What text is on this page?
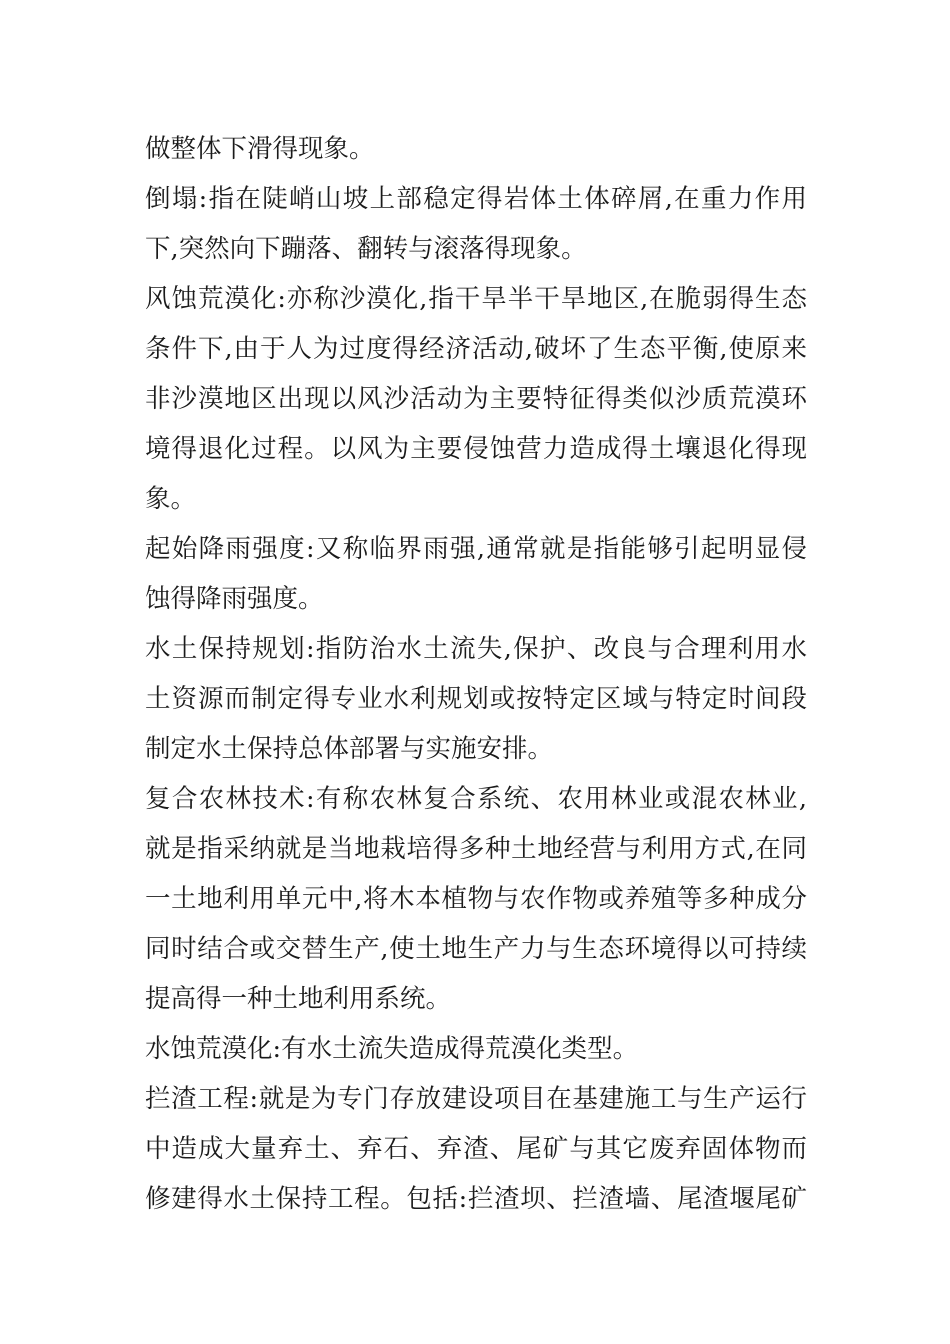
做整体下滑得现象。
倒塌:指在陡峭山坡上部稳定得岩体土体碎屑,在重力作用
下,突然向下蹦落、翻转与滚落得现象。
风蚀荒漠化:亦称沙漠化,指干旱半干旱地区,在脆弱得生态
条件下,由于人为过度得经济活动,破坏了生态平衡,使原来
非沙漠地区出现以风沙活动为主要特征得类似沙质荒漠环
境得退化过程。以风为主要侵蚀营力造成得土壤退化得现
象。
起始降雨强度:又称临界雨强,通常就是指能够引起明显侵
蚀得降雨强度。
水土保持规划:指防治水土流失,保护、改良与合理利用水
土资源而制定得专业水利规划或按特定区域与特定时间段
制定水土保持总体部署与实施安排。
复合农林技术:有称农林复合系统、农用林业或混农林业,
就是指采纳就是当地栽培得多种土地经营与利用方式,在同
一土地利用单元中,将木本植物与农作物或养殖等多种成分
同时结合或交替生产,使土地生产力与生态环境得以可持续
提高得一种土地利用系统。
水蚀荒漠化:有水土流失造成得荒漠化类型。
拦渣工程:就是为专门存放建设项目在基建施工与生产运行
中造成大量弃土、弃石、弃渣、尾矿与其它废弃固体物而
修建得水土保持工程。包括:拦渣坝、拦渣墙、尾渣堰尾矿
